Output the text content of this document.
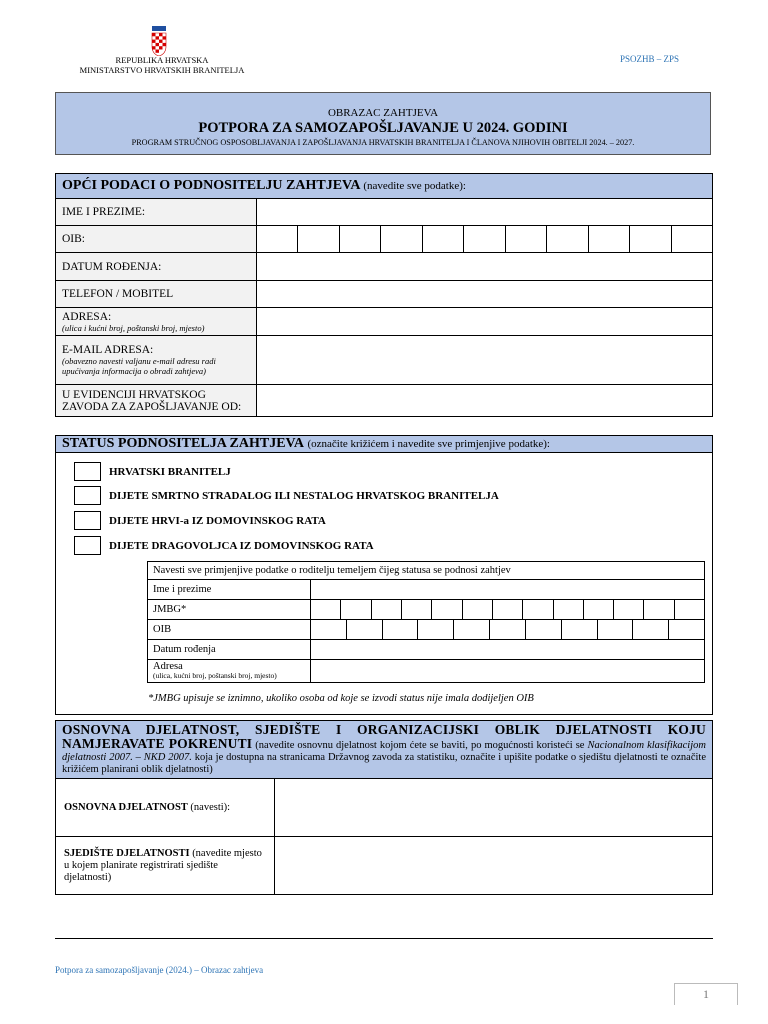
REPUBLIKA HRVATSKA
MINISTARSTVO HRVATSKIH BRANITELJA
PSOZHB – ZPS
OBRAZAC ZAHTJEVA
POTPORA ZA SAMOZAPOŠLJAVANJE U 2024. GODINI
PROGRAM STRUČNOG OSPOSOBLJAVANJA I ZAPOŠLJAVANJA HRVATSKIH BRANITELJA I ČLANOVA NJIHOVIH OBITELJI 2024. – 2027.
OPĆI PODACI O PODNOSITELJU ZAHTJEVA (navedite sve podatke):	
IME I PREZIME:	
OIB:	

DATUM ROĐENJA:	
TELEFON / MOBITEL	
ADRESA:
(ulica i kućni broj, poštanski broj, mjesto)	

E-MAIL ADRESA:
(obavezno navesti valjanu e-mail adresu radi upućivanja informacija o obradi zahtjeva)	

U EVIDENCIJI HRVATSKOG ZAVODA ZA ZAPOŠLJAVANJE OD:	
STATUS PODNOSITELJA ZAHTJEVA (označite križićem i navedite sve primjenjive podatke):
HRVATSKI BRANITELJ
DIJETE SMRTNO STRADALOG ILI NESTALOG HRVATSKOG BRANITELJA
DIJETE HRVI-a IZ DOMOVINSKOG RATA
DIJETE DRAGOVOLJCA IZ DOMOVINSKOG RATA
Navesti sve primjenjive podatke o roditelju temeljem čijeg statusa se podnosi zahtjev	
Ime i prezime	
JMBG*	

OIB	

Datum rođenja	
Adresa
(ulica, kućni broj, poštanski broj, mjesto)	

*JMBG upisuje se iznimno, ukoliko osoba od koje se izvodi status nije imala dodijeljen OIB
OSNOVNA DJELATNOST, SJEDIŠTE I ORGANIZACIJSKI OBLIK DJELATNOSTI KOJU NAMJERAVATE POKRENUTI (navedite osnovnu djelatnost kojom ćete se baviti, po mogućnosti koristeći se Nacionalnom klasifikacijom djelatnosti 2007. – NKD 2007. koja je dostupna na stranicama Državnog zavoda za statistiku, označite i upišite podatke o sjedištu djelatnosti te označite križićem planirani oblik djelatnosti)	
OSNOVNA DJELATNOST (navesti):	
SJEDIŠTE DJELATNOSTI (navedite mjesto u kojem planirate registrirati sjedište djelatnosti)	
Potpora za samozapošljavanje (2024.) – Obrazac zahtjeva
1
